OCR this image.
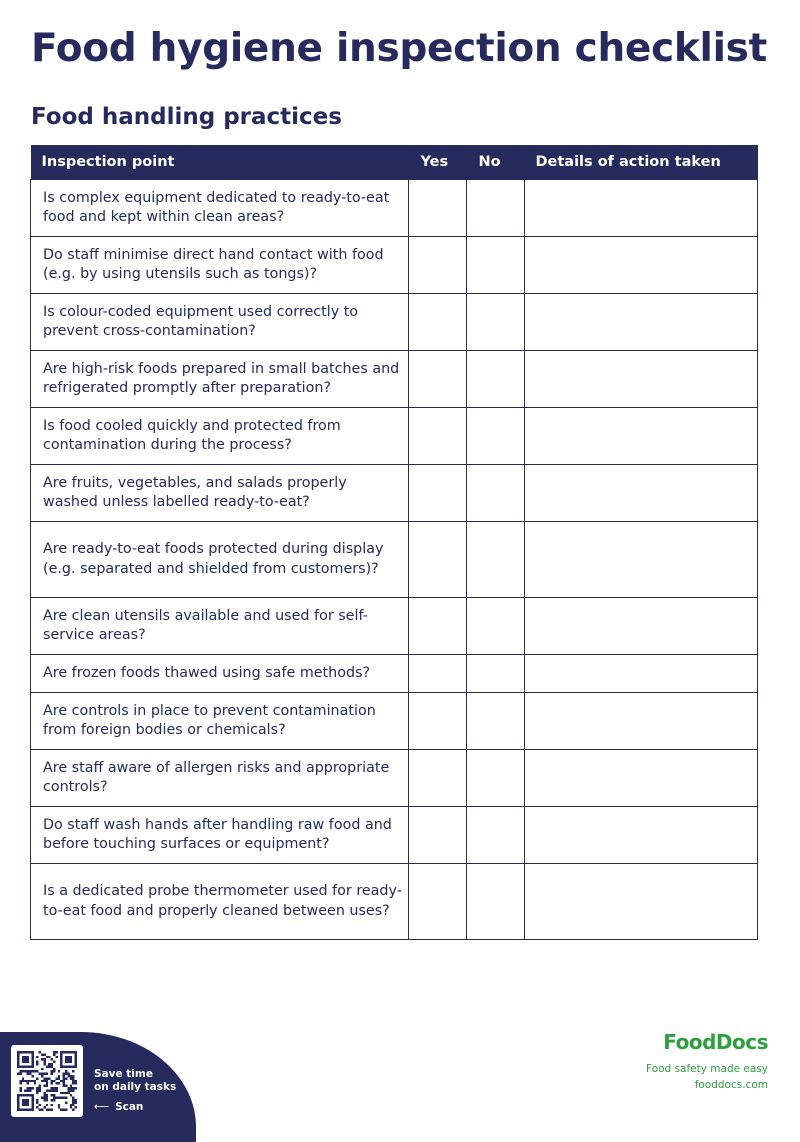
Food hygiene inspection checklist
Food handling practices
Inspection point	Yes	No	Details of action taken
Is complex equipment dedicated to ready-to-eat food and kept within clean areas?			
Do staff minimise direct hand contact with food (e.g. by using utensils such as tongs)?			
Is colour-coded equipment used correctly to prevent cross-contamination?			
Are high-risk foods prepared in small batches and refrigerated promptly after preparation?			
Is food cooled quickly and protected from contamination during the process?			
Are fruits, vegetables, and salads properly washed unless labelled ready-to-eat?			
Are ready-to-eat foods protected during display (e.g. separated and shielded from customers)?			
Are clean utensils available and used for self-service areas?			
Are frozen foods thawed using safe methods?			
Are controls in place to prevent contamination from foreign bodies or chemicals?			
Are staff aware of allergen risks and appropriate controls?			
Do staff wash hands after handling raw food and before touching surfaces or equipment?			
Is a dedicated probe thermometer used for ready-to-eat food and properly cleaned between uses?			
Save time
on daily tasks
⟵ Scan
FoodDocs
Food safety made easy
fooddocs.com
